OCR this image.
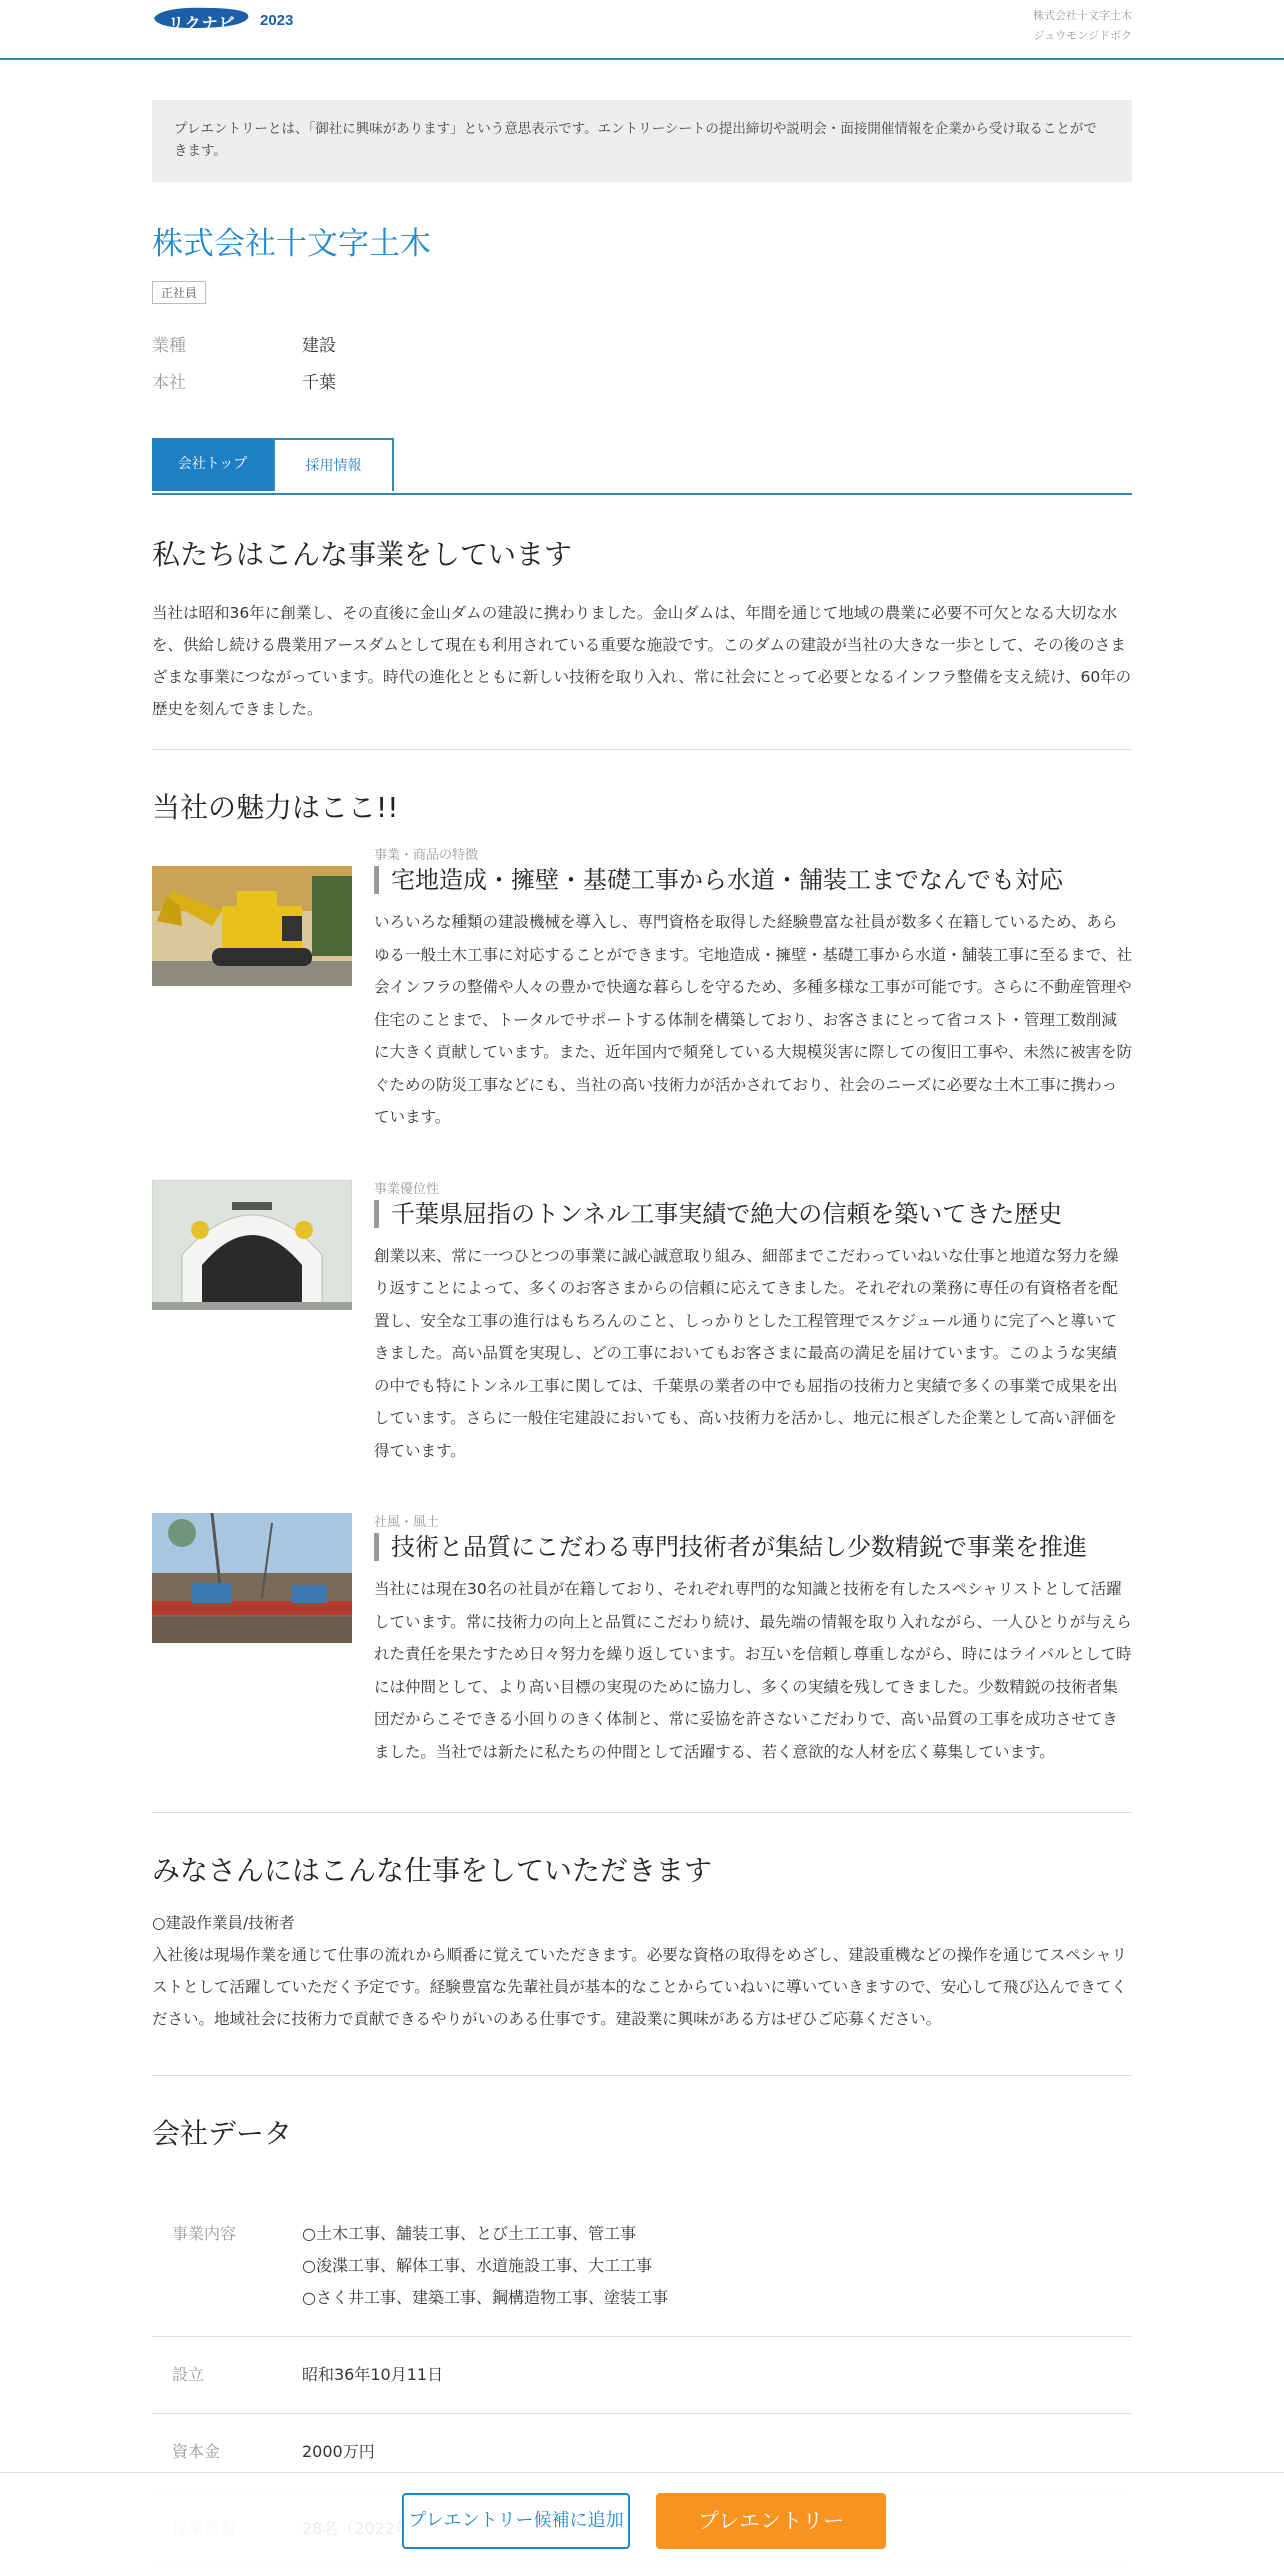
リクナビ 2023	株式会社十文字土木
ジュウモンジドボク
プレエントリーとは、「御社に興味があります」という意思表示です。エントリーシートの提出締切や説明会・面接開催情報を企業から受け取ることができます。
株式会社十文字土木
正社員
業種	建設
本社	千葉
会社トップ	採用情報
私たちはこんな事業をしています
当社は昭和36年に創業し、その直後に金山ダムの建設に携わりました。金山ダムは、年間を通じて地域の農業に必要不可欠となる大切な水を、供給し続ける農業用アースダムとして現在も利用されている重要な施設です。このダムの建設が当社の大きな一歩として、その後のさまざまな事業につながっています。時代の進化とともに新しい技術を取り入れ、常に社会にとって必要となるインフラ整備を支え続け、60年の歴史を刻んできました。
当社の魅力はここ!!
事業・商品の特徴
宅地造成・擁壁・基礎工事から水道・舗装工までなんでも対応
いろいろな種類の建設機械を導入し、専門資格を取得した経験豊富な社員が数多く在籍しているため、あらゆる一般土木工事に対応することができます。宅地造成・擁壁・基礎工事から水道・舗装工事に至るまで、社会インフラの整備や人々の豊かで快適な暮らしを守るため、多種多様な工事が可能です。さらに不動産管理や住宅のことまで、トータルでサポートする体制を構築しており、お客さまにとって省コスト・管理工数削減に大きく貢献しています。また、近年国内で頻発している大規模災害に際しての復旧工事や、未然に被害を防ぐための防災工事などにも、当社の高い技術力が活かされており、社会のニーズに必要な土木工事に携わっています。
事業優位性
千葉県屈指のトンネル工事実績で絶大の信頼を築いてきた歴史
創業以来、常に一つひとつの事業に誠心誠意取り組み、細部までこだわっていねいな仕事と地道な努力を繰り返すことによって、多くのお客さまからの信頼に応えてきました。それぞれの業務に専任の有資格者を配置し、安全な工事の進行はもちろんのこと、しっかりとした工程管理でスケジュール通りに完了へと導いてきました。高い品質を実現し、どの工事においてもお客さまに最高の満足を届けています。このような実績の中でも特にトンネル工事に関しては、千葉県の業者の中でも屈指の技術力と実績で多くの事業で成果を出しています。さらに一般住宅建設においても、高い技術力を活かし、地元に根ざした企業として高い評価を得ています。
社風・風土
技術と品質にこだわる専門技術者が集結し少数精鋭で事業を推進
当社には現在30名の社員が在籍しており、それぞれ専門的な知識と技術を有したスペシャリストとして活躍しています。常に技術力の向上と品質にこだわり続け、最先端の情報を取り入れながら、一人ひとりが与えられた責任を果たすため日々努力を繰り返しています。お互いを信頼し尊重しながら、時にはライバルとして時には仲間として、より高い目標の実現のために協力し、多くの実績を残してきました。少数精鋭の技術者集団だからこそできる小回りのきく体制と、常に妥協を許さないこだわりで、高い品質の工事を成功させてきました。当社では新たに私たちの仲間として活躍する、若く意欲的な人材を広く募集しています。
みなさんにはこんな仕事をしていただきます
○建設作業員/技術者
入社後は現場作業を通じて仕事の流れから順番に覚えていただきます。必要な資格の取得をめざし、建設重機などの操作を通じてスペシャリストとして活躍していただく予定です。経験豊富な先輩社員が基本的なことからていねいに導いていきますので、安心して飛び込んできてください。地域社会に技術力で貢献できるやりがいのある仕事です。建設業に興味がある方はぜひご応募ください。
会社データ
事業内容	○土木工事、舗装工事、とび土工工事、管工事
○浚渫工事、解体工事、水道施設工事、大工工事
○さく井工事、建築工事、鋼構造物工事、塗装工事
設立	昭和36年10月11日
資本金	2000万円
プレエントリー候補に追加	プレエントリー
